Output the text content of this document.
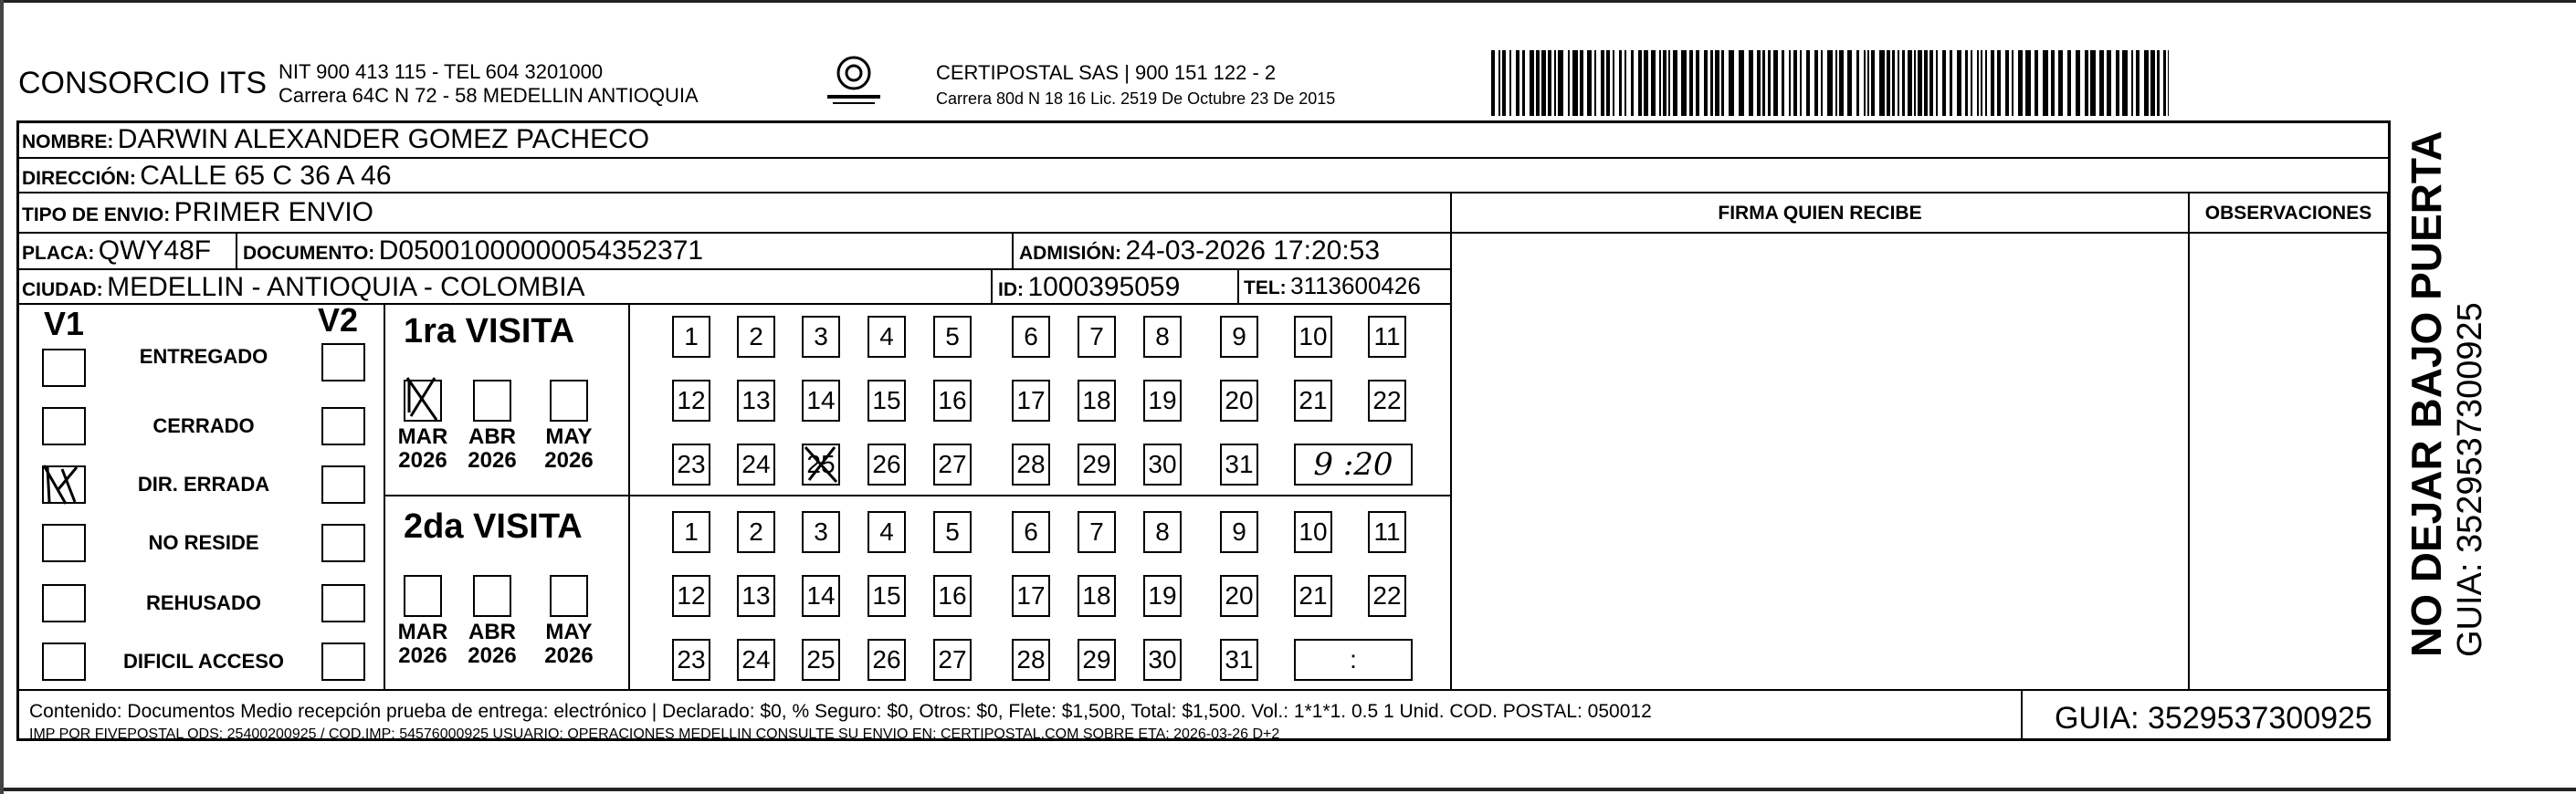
CONSORCIO ITS NIT 900 413 115 - TEL 604 3201000
Carrera 64C N 72 - 58 MEDELLIN ANTIOQUIA
CERTIPOSTAL SAS | 900 151 122 - 2
Carrera 80d N 18 16 Lic. 2519 De Octubre 23 De 2015
NOMBRE: DARWIN ALEXANDER GOMEZ PACHECO
DIRECCIÓN: CALLE 65 C 36 A 46
TIPO DE ENVIO: PRIMER ENVIO
PLACA: QWY48F DOCUMENTO: D05001000000054352371	ADMISIÓN: 24-03-2026 17:20:53
CIUDAD: MEDELLIN - ANTIOQUIA - COLOMBIA	ID: 1000395059	TEL: 3113600426
FIRMA QUIEN RECIBE	OBSERVACIONES
V1	V2
ENTREGADO
CERRADO
DIR. ERRADA
NO RESIDE
REHUSADO
DIFICIL ACCESO
1ra VISITA
MAR 2026
ABR 2026
MAY 2026
1	2	3	4	5	6	7	8	9	10 11
12 13 14 15 16 17 18 19 20 21 22
23 24 25 26 27 28 29 30 31	9 :20
2da VISITA
MAR 2026
ABR 2026
MAY 2026
1	2	3	4	5	6	7	8	9	10 11
12 13 14 15 16 17 18 19 20 21 22
23 24 25 26 27 28 29 30 31	:
Contenido: Documentos Medio recepción prueba de entrega: electrónico | Declarado: $0, % Seguro: $0, Otros: $0, Flete: $1,500, Total: $1,500. Vol.: 1*1*1. 0.5 1 Unid. COD. POSTAL: 050012
IMP POR FIVEPOSTAL ODS: 25400200925 / COD.IMP: 54576000925 USUARIO: OPERACIONES MEDELLIN CONSULTE SU ENVIO EN: CERTIPOSTAL.COM SOBRE ETA: 2026-03-26 D+2	GUIA: 3529537300925
NO DEJAR BAJO PUERTA GUIA: 3529537300925
